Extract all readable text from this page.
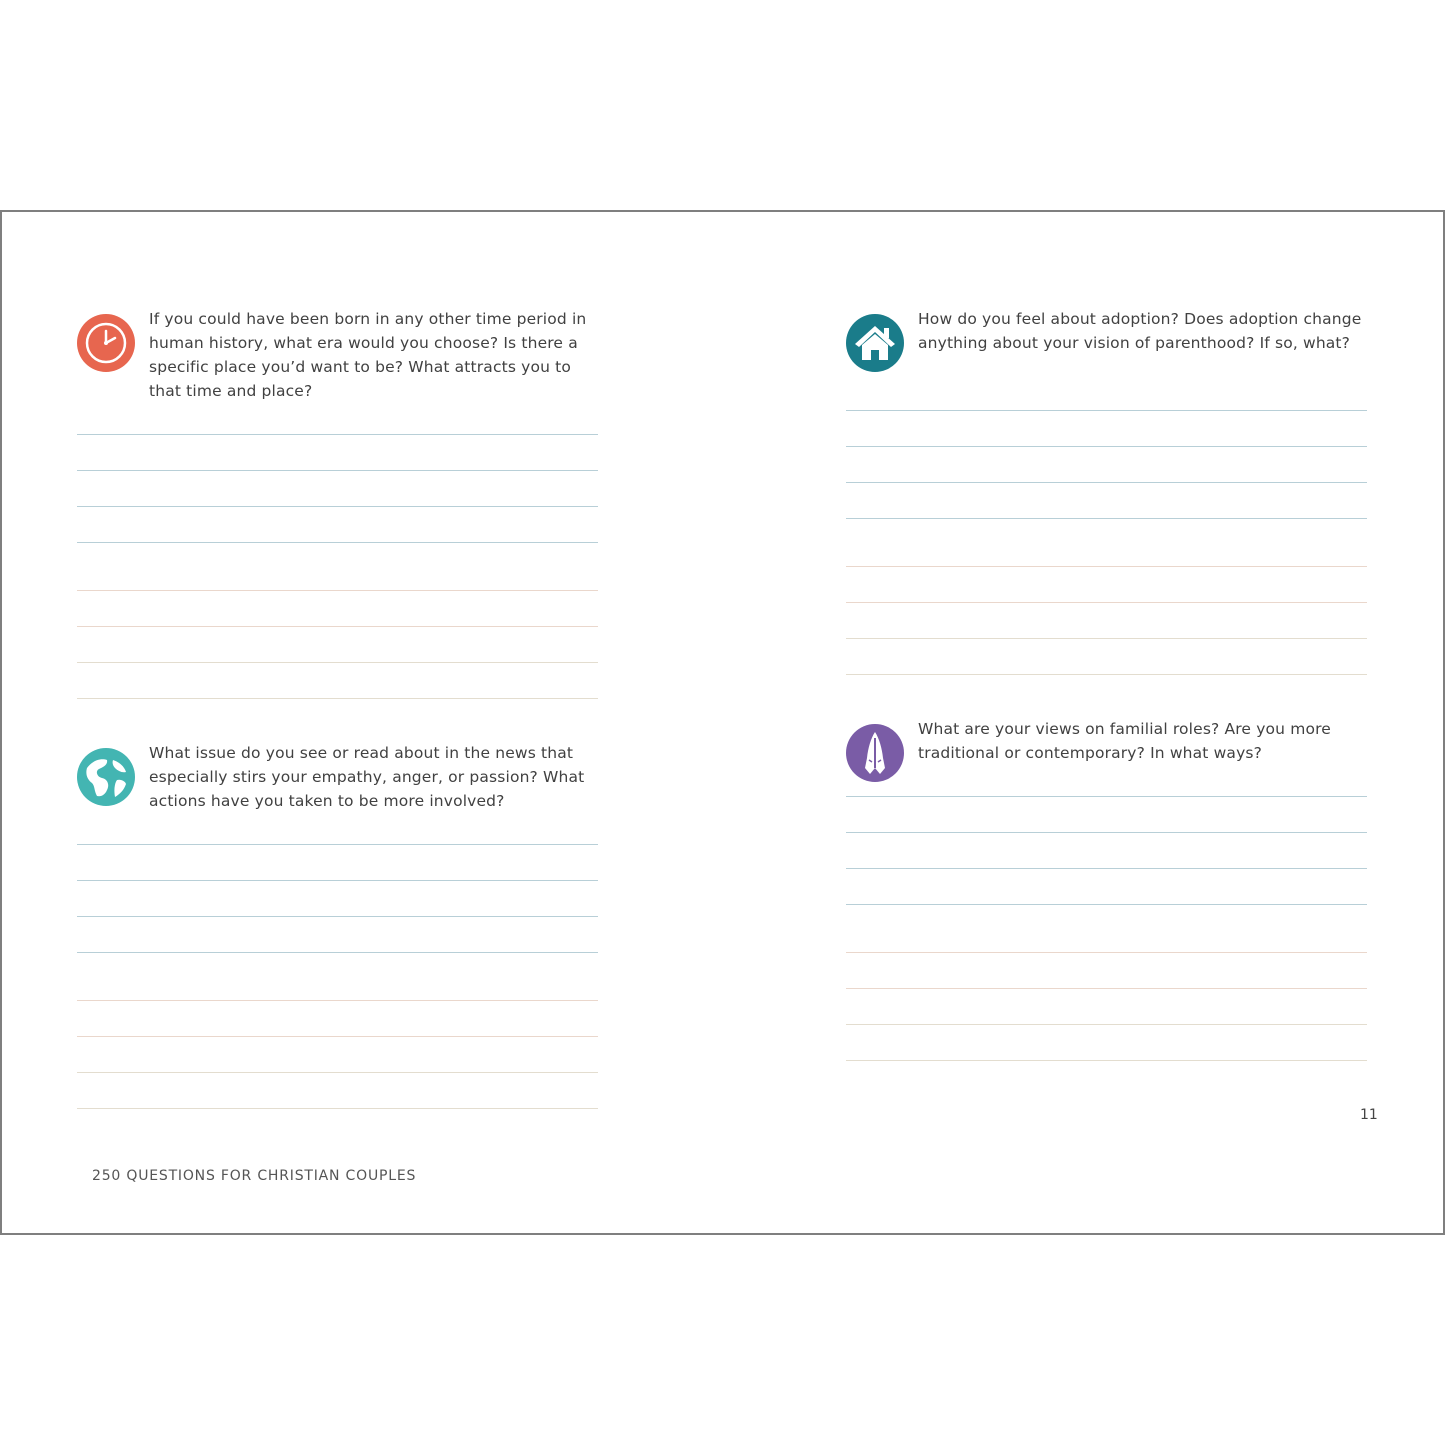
If you could have been born in any other time period in human history, what era would you choose? Is there a specific place you’d want to be? What attracts you to that time and place?
What issue do you see or read about in the news that especially stirs your empathy, anger, or passion? What actions have you taken to be more involved?
How do you feel about adoption? Does adoption change anything about your vision of parenthood? If so, what?
What are your views on familial roles? Are you more traditional or contemporary? In what ways?
11
250 QUESTIONS FOR CHRISTIAN COUPLES
